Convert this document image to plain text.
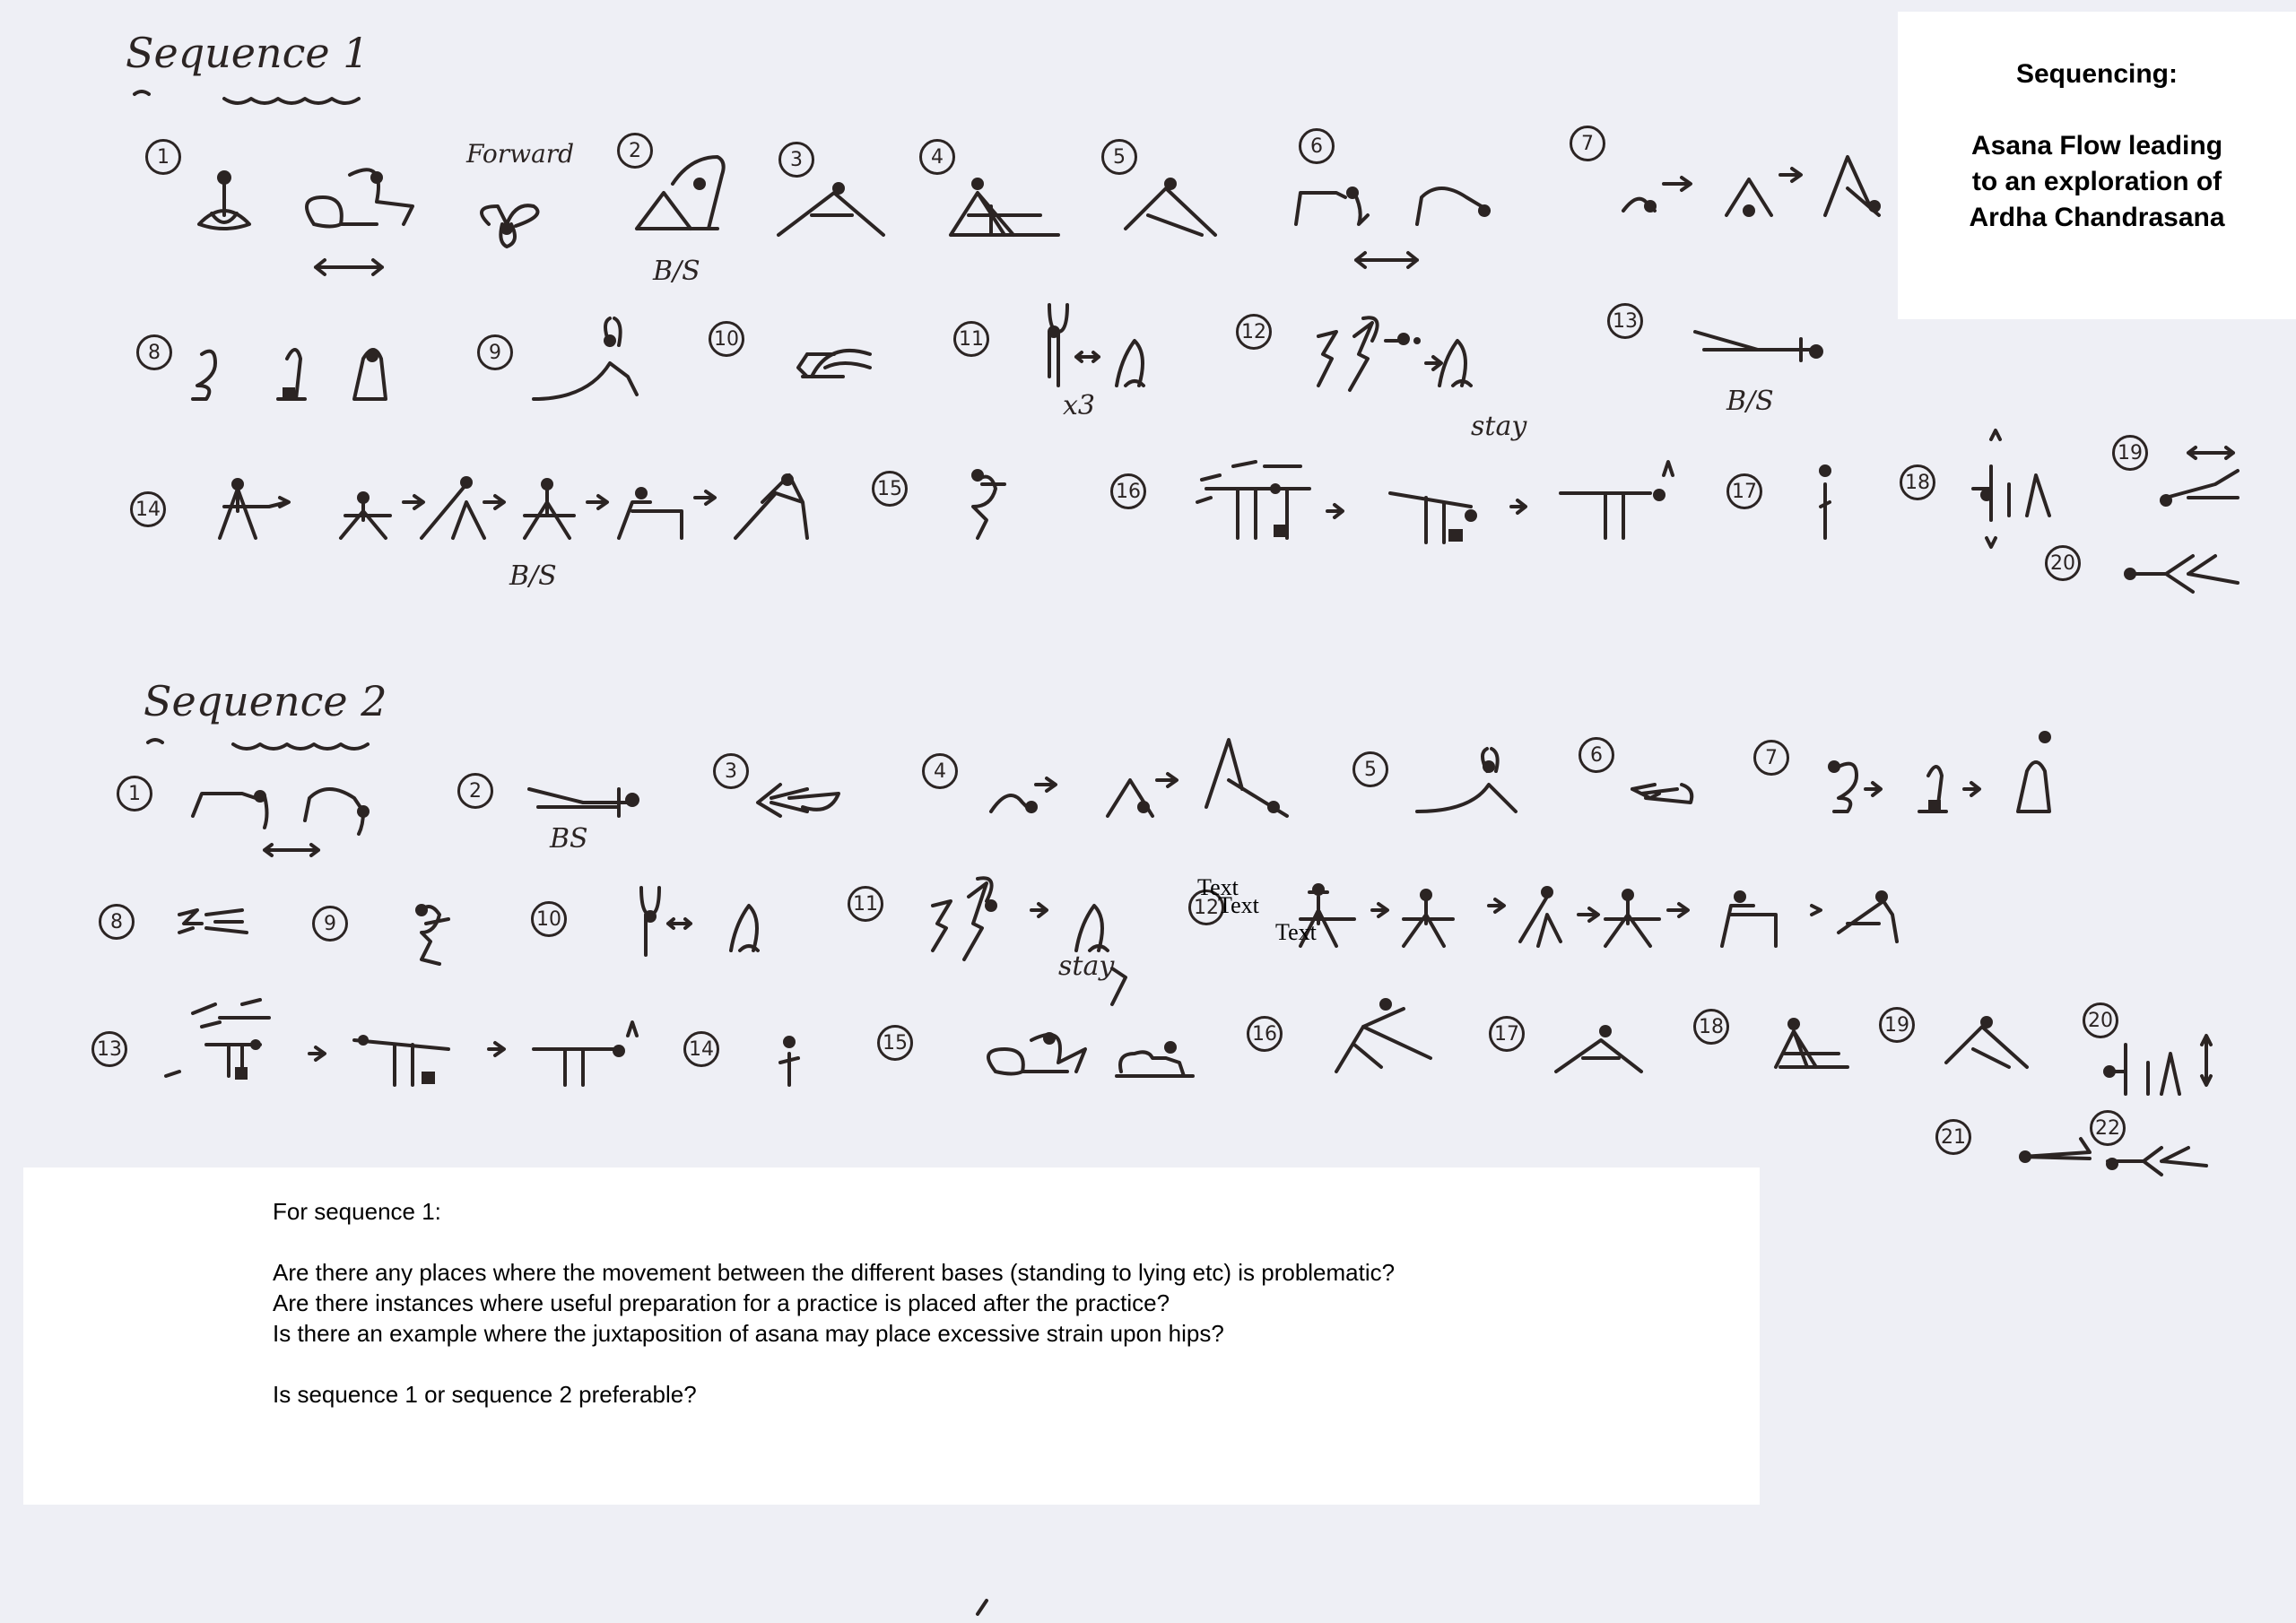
Sequence 1
Sequence 2
1	2	3	4	5	6	7
8	9
10	11	12	13
14
15	16	17	18
19
20
Forward
B/S
x3
stay
B/S
B/S
1	2
3	4	5
6	7
8	9	10
11	12
13	14	15	16	17	18	19	20
21	22
BS
stay
Text
Text
Text

Sequencing:

Asana Flow leading

to an exploration of

Ardha Chandrasana

For sequence 1:

Are there any places where the movement between the different bases (standing to lying etc) is problematic?

Are there instances where useful preparation for a practice is placed after the practice?

Is there an example where the juxtaposition of asana may place excessive strain upon hips?

Is sequence 1 or sequence 2 preferable?
